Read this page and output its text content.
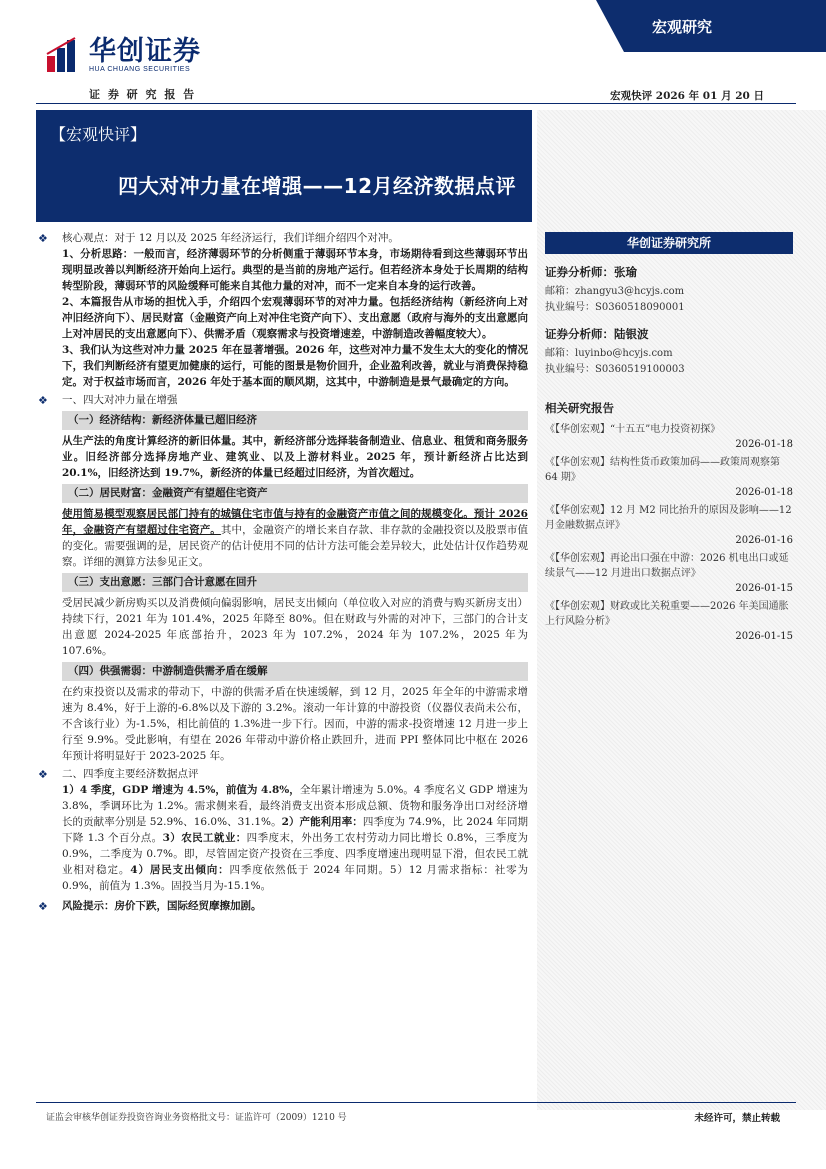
华创证券
HUA CHUANG SECURITIES
宏观研究
证 券 研 究 报 告	宏观快评 2026 年 01 月 20 日
【宏观快评】
四大对冲力量在增强——12月经济数据点评
华创证券研究所
证券分析师：张瑜
邮箱：zhangyu3@hcyjs.com
执业编号：S0360518090001
证券分析师：陆银波
邮箱：luyinbo@hcyjs.com
执业编号：S0360519100003
相关研究报告
《【华创宏观】“十五五”电力投资初探》
2026-01-18
《【华创宏观】结构性货币政策加码——政策周观察第 64 期》
2026-01-18
《【华创宏观】12 月 M2 同比抬升的原因及影响——12 月金融数据点评》
2026-01-16
《【华创宏观】再论出口强在中游：2026 机电出口或延续景气——12 月进出口数据点评》
2026-01-15
《【华创宏观】财政或比关税重要——2026 年美国通胀上行风险分析》
2026-01-15
❖ 核心观点：对于 12 月以及 2025 年经济运行，我们详细介绍四个对冲。
1、分析思路：一般而言，经济薄弱环节的分析侧重于薄弱环节本身，市场期待看到这些薄弱环节出现明显改善以判断经济开始向上运行。典型的是当前的房地产运行。但若经济本身处于长周期的结构转型阶段，薄弱环节的风险缓释可能来自其他力量的对冲，而不一定来自本身的运行改善。
2、本篇报告从市场的担忧入手，介绍四个宏观薄弱环节的对冲力量。包括经济结构（新经济向上对冲旧经济向下）、居民财富（金融资产向上对冲住宅资产向下）、支出意愿（政府与海外的支出意愿向上对冲居民的支出意愿向下）、供需矛盾（观察需求与投资增速差，中游制造改善幅度较大）。
3、我们认为这些对冲力量 2025 年在显著增强。2026 年，这些对冲力量不发生太大的变化的情况下，我们判断经济有望更加健康的运行，可能的图景是物价回升，企业盈利改善，就业与消费保持稳定。对于权益市场而言，2026 年处于基本面的顺风期，这其中，中游制造是景气最确定的方向。
❖ 一、四大对冲力量在增强
（一）经济结构：新经济体量已超旧经济
从生产法的角度计算经济的新旧体量。其中，新经济部分选择装备制造业、信息业、租赁和商务服务业。旧经济部分选择房地产业、建筑业、以及上游材料业。2025 年，预计新经济占比达到 20.1%，旧经济达到 19.7%，新经济的体量已经超过旧经济，为首次超过。
（二）居民财富：金融资产有望超住宅资产
使用简易模型观察居民部门持有的城镇住宅市值与持有的金融资产市值之间的规模变化。预计 2026 年，金融资产有望超过住宅资产。其中，金融资产的增长来自存款、非存款的金融投资以及股票市值的变化。需要强调的是，居民资产的估计使用不同的估计方法可能会差异较大，此处估计仅作趋势观察。详细的测算方法参见正文。
（三）支出意愿：三部门合计意愿在回升
受居民减少新房购买以及消费倾向偏弱影响，居民支出倾向（单位收入对应的消费与购买新房支出）持续下行，2021 年为 101.4%，2025 年降至 80%。但在财政与外需的对冲下，三部门的合计支出意愿 2024-2025 年底部抬升，2023 年为 107.2%，2024 年为 107.2%，2025 年为 107.6%。
（四）供强需弱：中游制造供需矛盾在缓解
在约束投资以及需求的带动下，中游的供需矛盾在快速缓解，到 12 月，2025 年全年的中游需求增速为 8.4%，好于上游的-6.8%以及下游的 3.2%。滚动一年计算的中游投资（仪器仪表尚未公布，不含该行业）为-1.5%，相比前值的 1.3%进一步下行。因而，中游的需求-投资增速 12 月进一步上行至 9.9%。受此影响，有望在 2026 年带动中游价格止跌回升，进而 PPI 整体同比中枢在 2026 年预计将明显好于 2023-2025 年。
❖ 二、四季度主要经济数据点评
1）4 季度，GDP 增速为 4.5%，前值为 4.8%，全年累计增速为 5.0%。4 季度名义 GDP 增速为 3.8%，季调环比为 1.2%。需求侧来看，最终消费支出资本形成总额、货物和服务净出口对经济增长的贡献率分别是 52.9%、16.0%、31.1%。2）产能利用率：四季度为 74.9%，比 2024 年同期下降 1.3 个百分点。3）农民工就业：四季度末，外出务工农村劳动力同比增长 0.8%，三季度为 0.9%，二季度为 0.7%。即，尽管固定资产投资在三季度、四季度增速出现明显下滑，但农民工就业相对稳定。4）居民支出倾向：四季度依然低于 2024 年同期。5）12 月需求指标：社零为 0.9%，前值为 1.3%。固投当月为-15.1%。
❖ 风险提示：房价下跌，国际经贸摩擦加剧。
证监会审核华创证券投资咨询业务资格批文号：证监许可（2009）1210 号	未经许可，禁止转载
